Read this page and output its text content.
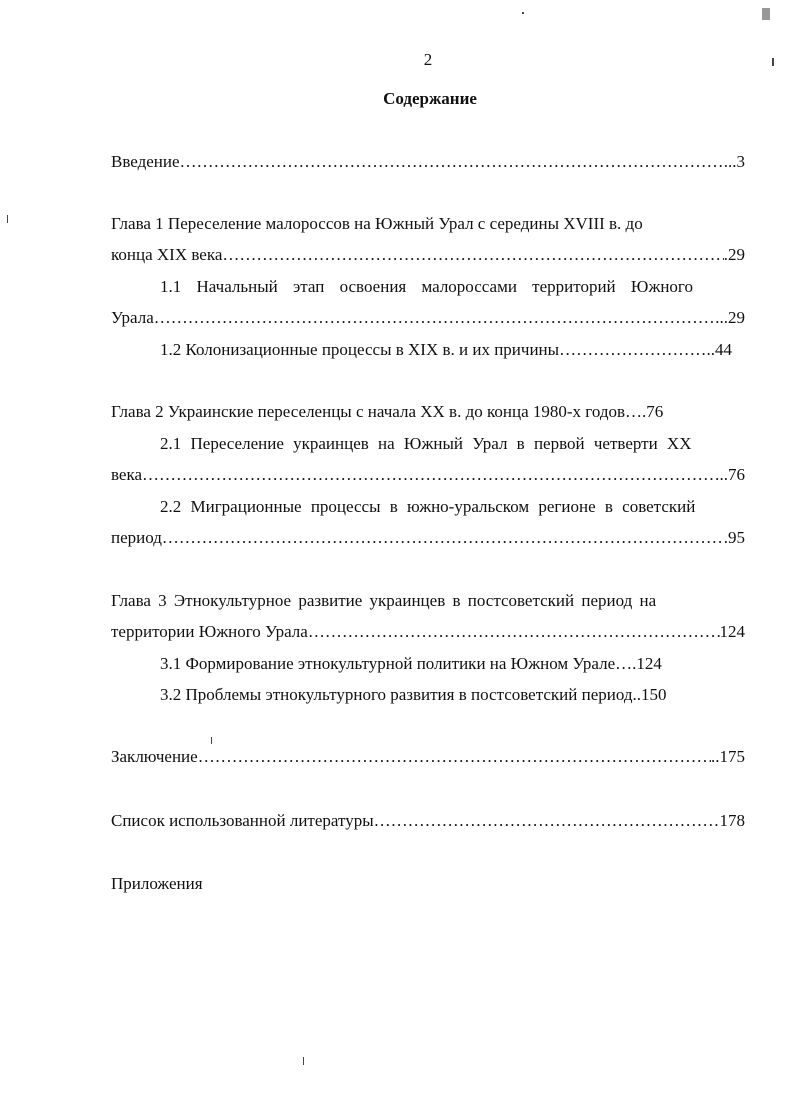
2
Содержание
Введение …………………………………………………………………………………………………………………………………………………………………	...3
Глава 1 Переселение малороссов на Южный Урал с середины XVIII в. до
конца XIX века …………………………………………………………………………………………………………………………………………………………………	.29
1.1 Начальный этап освоения малороссами территорий Южного
Урала …………………………………………………………………………………………………………………………………………………………………	...29
1.2 Колонизационные процессы в XIX в. и их причины …………………………………………………………………………………………………………………………………………………………………	..44
Глава 2 Украинские переселенцы с начала XX в. до конца 1980-х годов….76
2.1 Переселение украинцев на Южный Урал в первой четверти XX
века …………………………………………………………………………………………………………………………………………………………………	..76
2.2 Миграционные процессы в южно-уральском регионе в советский
период …………………………………………………………………………………………………………………………………………………………………	.95
Глава 3 Этнокультурное развитие украинцев в постсоветский период на
территории Южного Урала …………………………………………………………………………………………………………………………………………………………………	124
3.1 Формирование этнокультурной политики на Южном Урале….124
3.2 Проблемы этнокультурного развития в постсоветский период..150
Заключение …………………………………………………………………………………………………………………………………………………………………	..175
Список использованной литературы …………………………………………………………………………………………………………………………………………………………………	178
Приложения
